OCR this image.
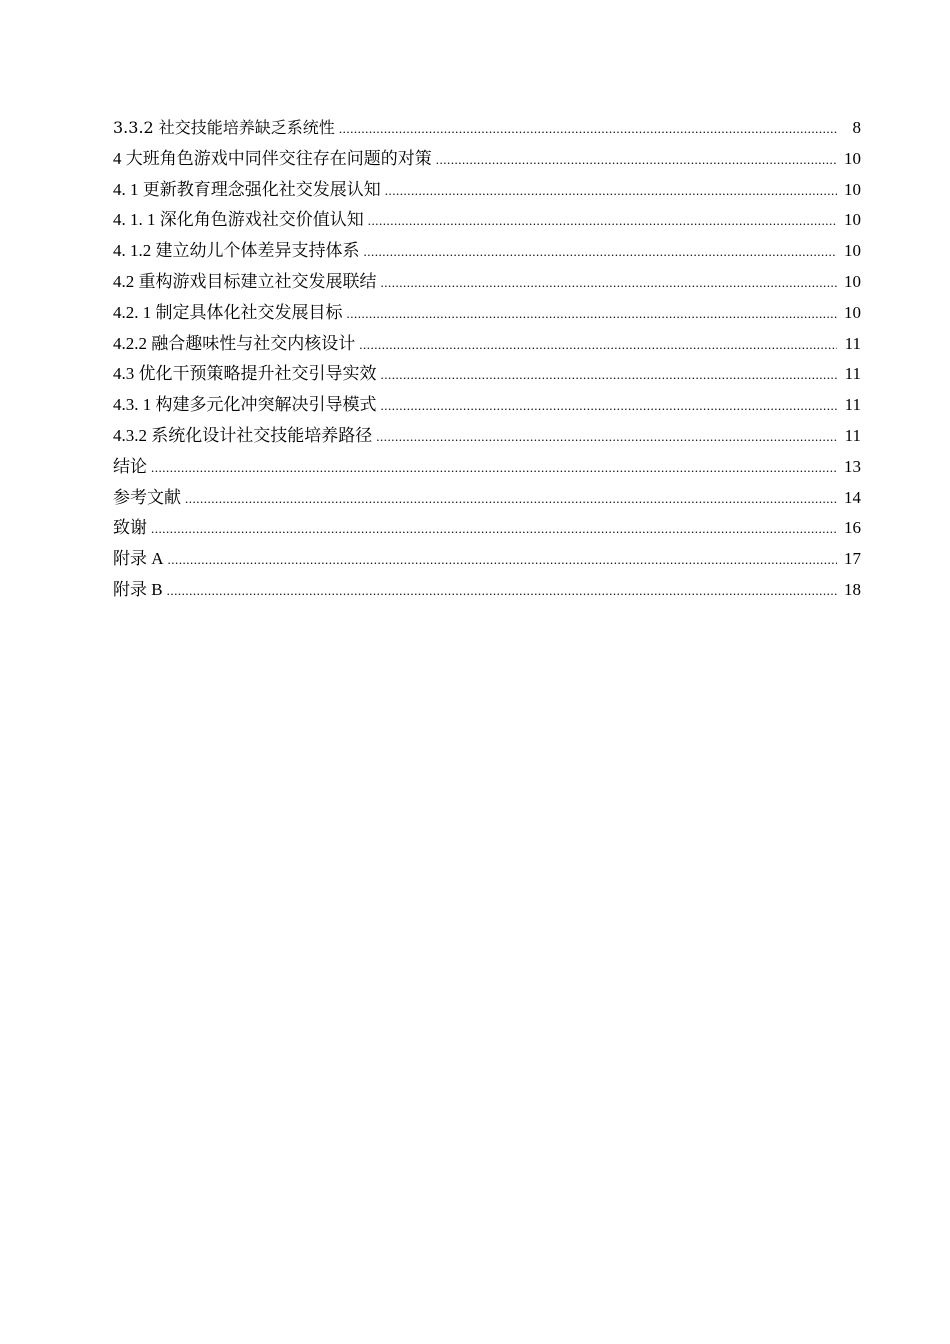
3.3.2 社交技能培养缺乏系统性 .....	8
4 大班角色游戏中同伴交往存在问题的对策 .....	10
4. 1 更新教育理念强化社交发展认知 .....	10
4. 1. 1 深化角色游戏社交价值认知 .....	10
4. 1.2 建立幼儿个体差异支持体系 .....	10
4.2 重构游戏目标建立社交发展联结 .....	10
4.2. 1 制定具体化社交发展目标 .....	10
4.2.2 融合趣味性与社交内核设计 .....	11
4.3 优化干预策略提升社交引导实效 .....	11
4.3. 1 构建多元化冲突解决引导模式 .....	11
4.3.2 系统化设计社交技能培养路径 .....	11
结论 .....	13
参考文献 .....	14
致谢 .....	16
附录 A .....	17
附录 B .....	18
